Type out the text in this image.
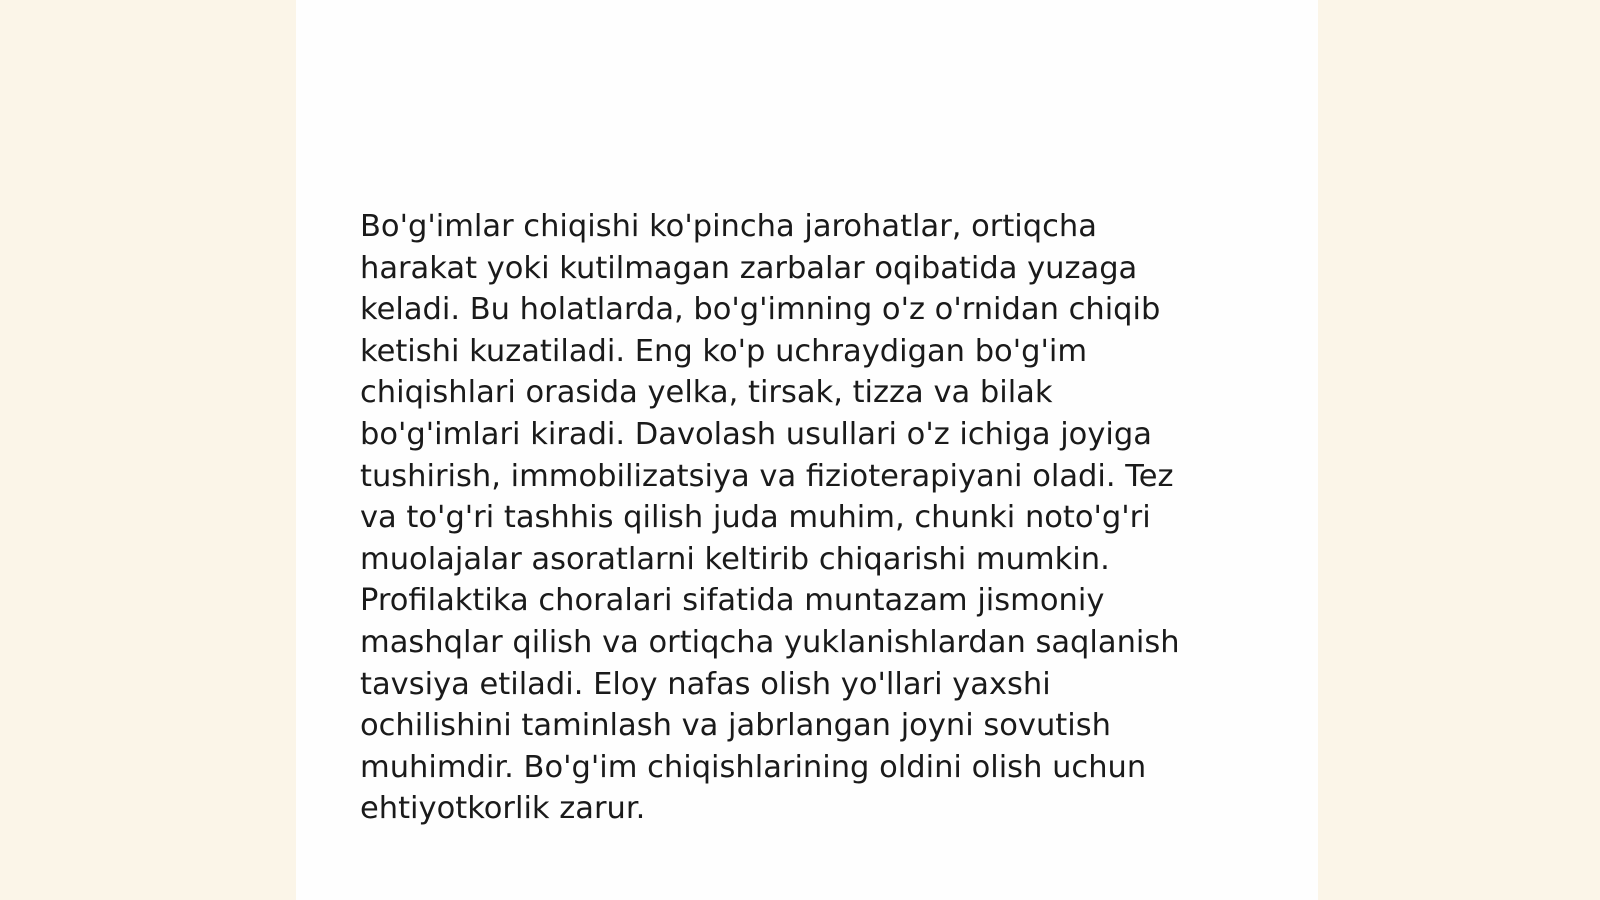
Bo'g'imlar chiqishi ko'pincha jarohatlar, ortiqcha
harakat yoki kutilmagan zarbalar oqibatida yuzaga
keladi. Bu holatlarda, bo'g'imning o'z o'rnidan chiqib
ketishi kuzatiladi. Eng ko'p uchraydigan bo'g'im
chiqishlari orasida yelka, tirsak, tizza va bilak
bo'g'imlari kiradi. Davolash usullari o'z ichiga joyiga
tushirish, immobilizatsiya va fizioterapiyani oladi. Tez
va to'g'ri tashhis qilish juda muhim, chunki noto'g'ri
muolajalar asoratlarni keltirib chiqarishi mumkin.
Profilaktika choralari sifatida muntazam jismoniy
mashqlar qilish va ortiqcha yuklanishlardan saqlanish
tavsiya etiladi. Eloy nafas olish yo'llari yaxshi
ochilishini taminlash va jabrlangan joyni sovutish
muhimdir. Bo'g'im chiqishlarining oldini olish uchun
ehtiyotkorlik zarur.
